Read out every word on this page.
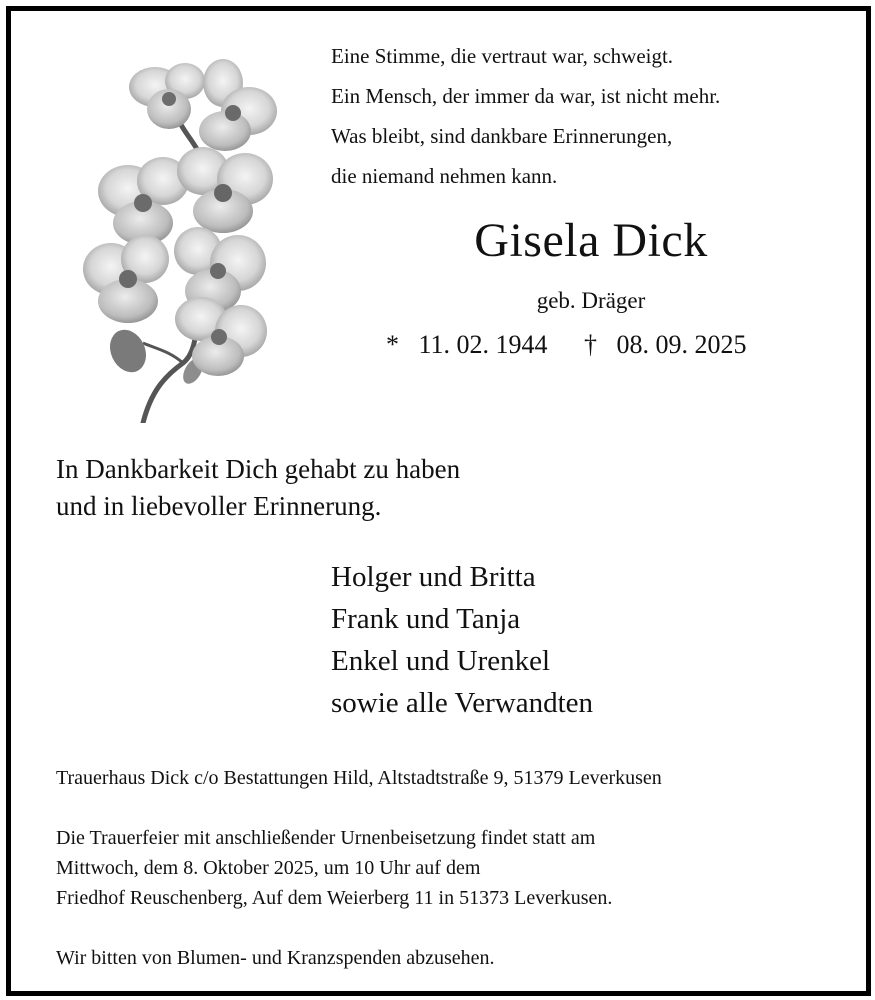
Eine Stimme, die vertraut war, schweigt.
Ein Mensch, der immer da war, ist nicht mehr.
Was bleibt, sind dankbare Erinnerungen,
die niemand nehmen kann.
Gisela Dick
geb. Dräger
* 11. 02. 1944 † 08. 09. 2025
In Dankbarkeit Dich gehabt zu haben
und in liebevoller Erinnerung.
Holger und Britta
Frank und Tanja
Enkel und Urenkel
sowie alle Verwandten
Trauerhaus Dick c/o Bestattungen Hild, Altstadtstraße 9, 51379 Leverkusen
Die Trauerfeier mit anschließender Urnenbeisetzung findet statt am
Mittwoch, dem 8. Oktober 2025, um 10 Uhr auf dem
Friedhof Reuschenberg, Auf dem Weierberg 11 in 51373 Leverkusen.
Wir bitten von Blumen- und Kranzspenden abzusehen.
